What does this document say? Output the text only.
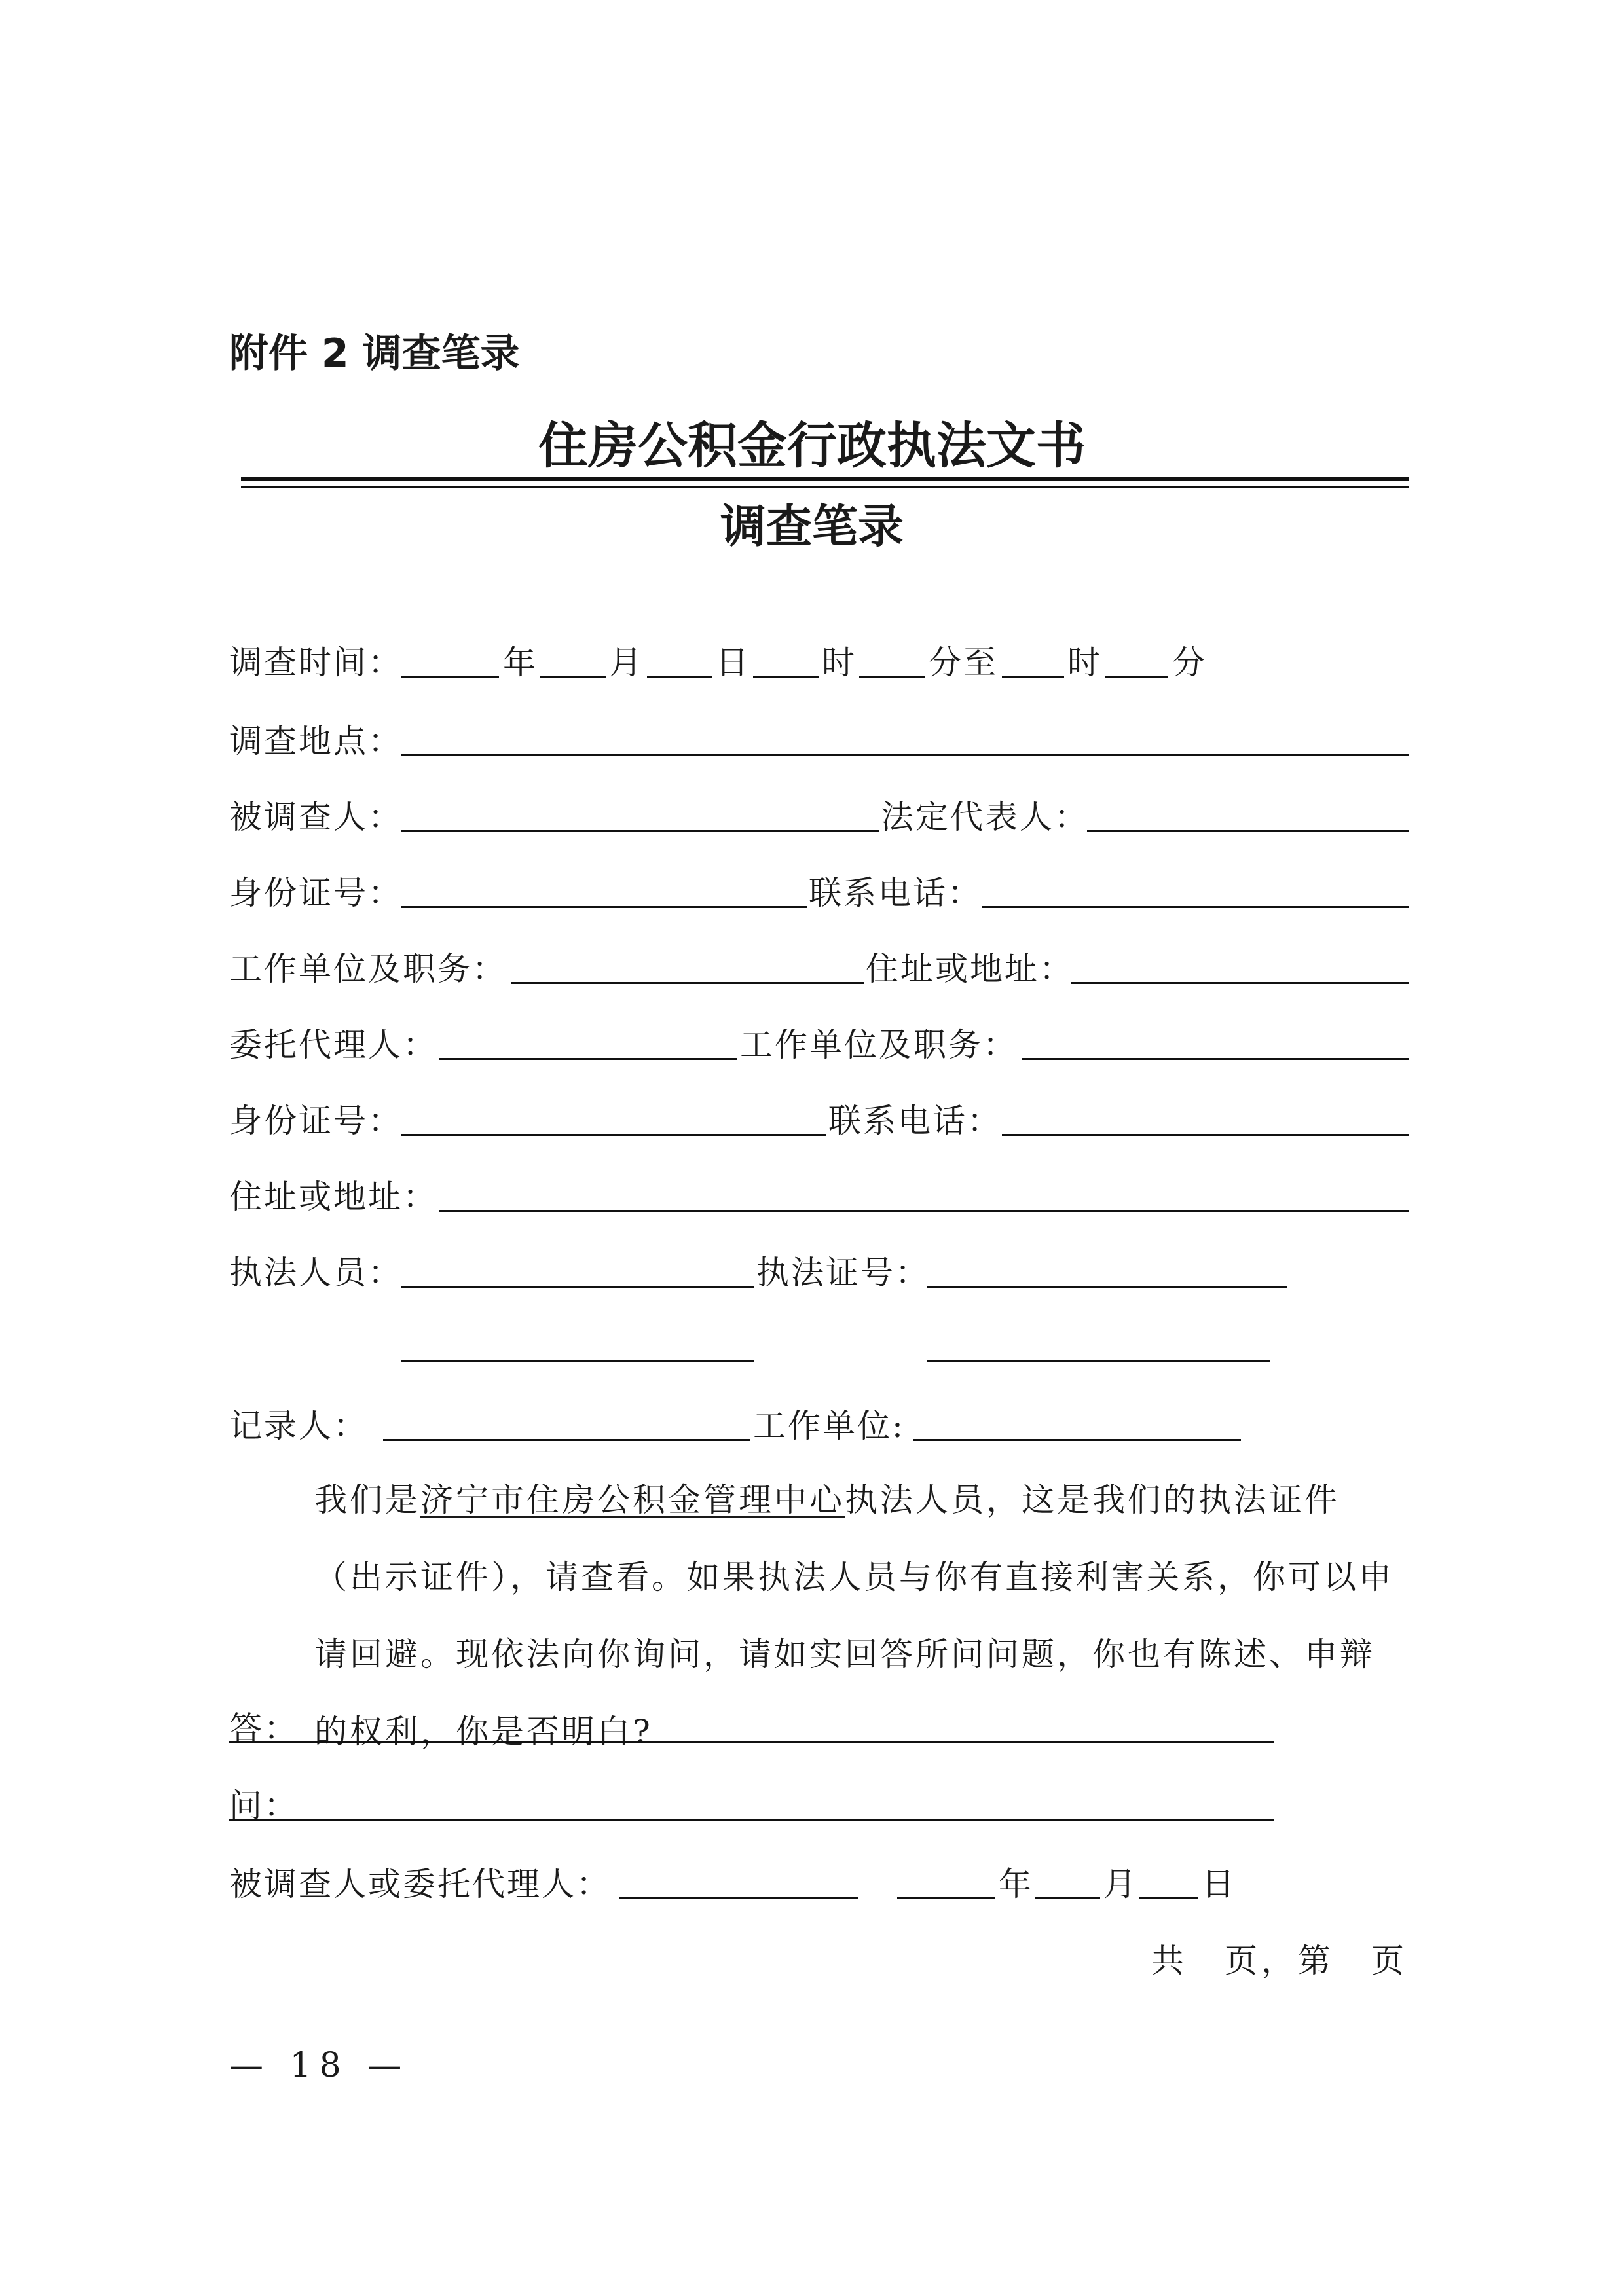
附件 2 调查笔录
住房公积金行政执法文书
调查笔录
调查时间：	年 月 日 时 分至 时 分
调查地点：
被调查人：	法定代表人：
身份证号：	联系电话：
工作单位及职务：	住址或地址：
委托代理人：	工作单位及职务：
身份证号：	联系电话：
住址或地址：
执法人员：	执法证号：
记录人：	工作单位:

我们是济宁市住房公积金管理中心执法人员，这是我们的执法证件（出示证件），请查看。如果执法人员与你有直接利害关系，你可以申请回避。现依法向你询问，请如实回答所问问题，你也有陈述、申辩的权利，你是否明白?

答：
问：
被调查人或委托代理人：	年 月 日
共　页，第　页
— 18 —
